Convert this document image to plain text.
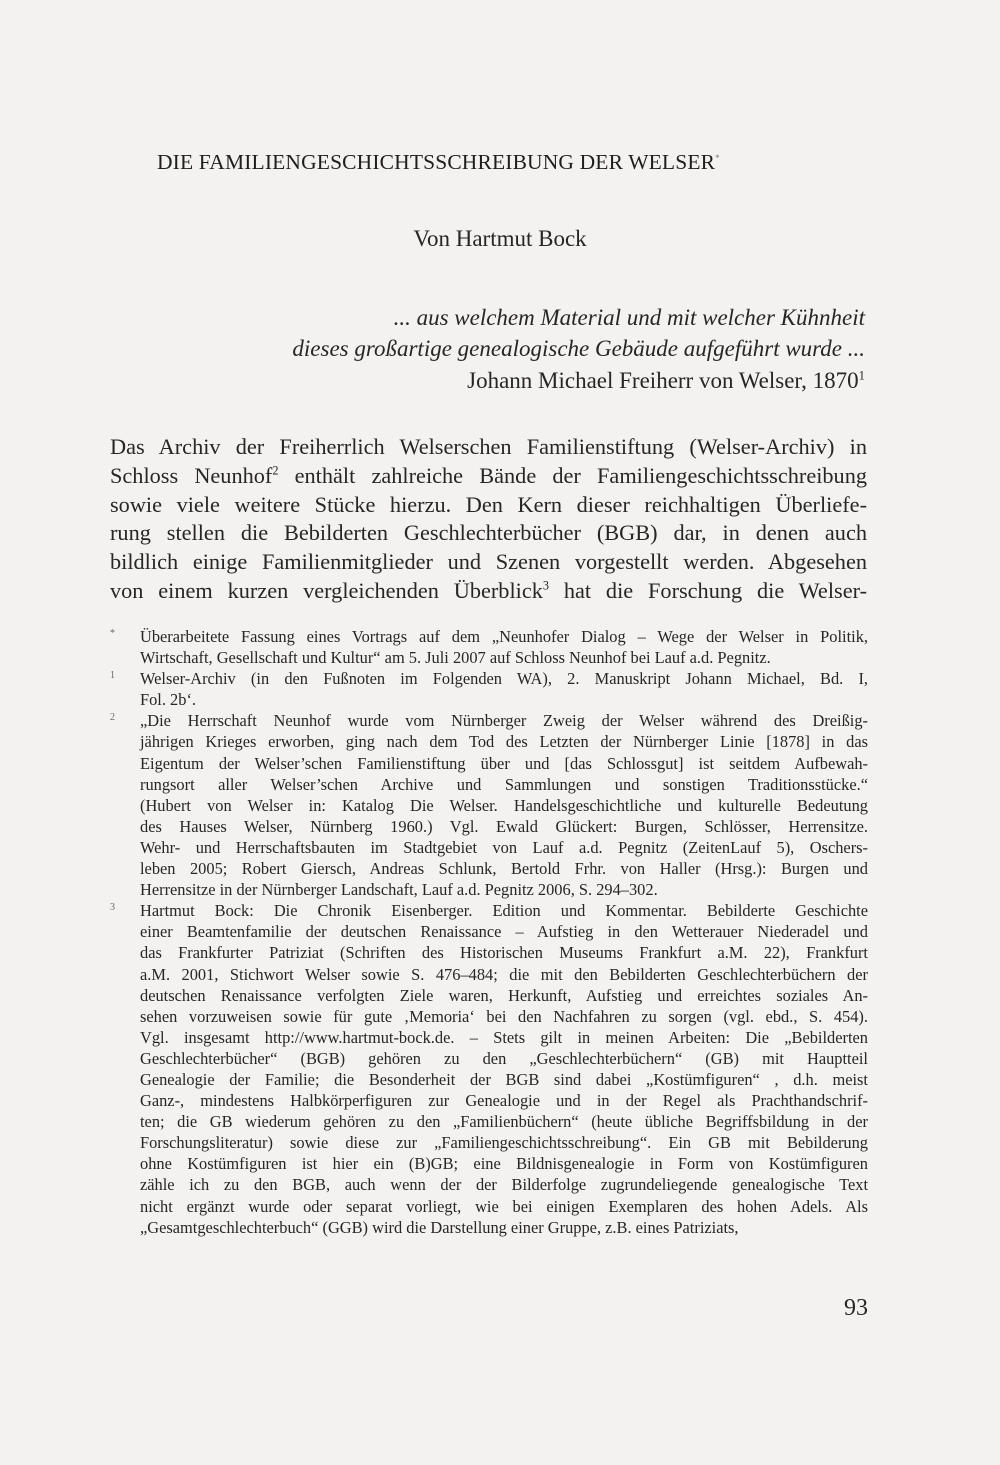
DIE FAMILIENGESCHICHTSSCHREIBUNG DER WELSER*
Von Hartmut Bock
... aus welchem Material und mit welcher Kühnheit
dieses großartige genealogische Gebäude aufgeführt wurde ...
Johann Michael Freiherr von Welser, 1870$^1$
Das Archiv der Freiherrlich Welserschen Familienstiftung (Welser-Archiv) in
Schloss Neunhof$^2$ enthält zahlreiche Bände der Familiengeschichtsschreibung
sowie viele weitere Stücke hierzu. Den Kern dieser reichhaltigen Überliefe-
rung stellen die Bebilderten Geschlechterbücher (BGB) dar, in denen auch
bildlich einige Familienmitglieder und Szenen vorgestellt werden. Abgesehen
von einem kurzen vergleichenden Überblick$^3$ hat die Forschung die Welser-
*	Überarbeitete Fassung eines Vortrags auf dem „Neunhofer Dialog – Wege der Welser in Politik,
Wirtschaft, Gesellschaft und Kultur“ am 5. Juli 2007 auf Schloss Neunhof bei Lauf a.d. Pegnitz.
1	Welser-Archiv (in den Fußnoten im Folgenden WA), 2. Manuskript Johann Michael, Bd. I,
Fol. 2b‘.
2	„Die Herrschaft Neunhof wurde vom Nürnberger Zweig der Welser während des Dreißig-
jährigen Krieges erworben, ging nach dem Tod des Letzten der Nürnberger Linie [1878] in das
Eigentum der Welser’schen Familienstiftung über und [das Schlossgut] ist seitdem Aufbewah-
rungsort aller Welser’schen Archive und Sammlungen und sonstigen Traditionsstücke.“
(Hubert von Welser in: Katalog Die Welser. Handelsgeschichtliche und kulturelle Bedeutung
des Hauses Welser, Nürnberg 1960.) Vgl. Ewald Glückert: Burgen, Schlösser, Herrensitze.
Wehr- und Herrschaftsbauten im Stadtgebiet von Lauf a.d. Pegnitz (ZeitenLauf 5), Oschers-
leben 2005; Robert Giersch, Andreas Schlunk, Bertold Frhr. von Haller (Hrsg.): Burgen und
Herrensitze in der Nürnberger Landschaft, Lauf a.d. Pegnitz 2006, S. 294–302.
3	Hartmut Bock: Die Chronik Eisenberger. Edition und Kommentar. Bebilderte Geschichte
einer Beamtenfamilie der deutschen Renaissance – Aufstieg in den Wetterauer Niederadel und
das Frankfurter Patriziat (Schriften des Historischen Museums Frankfurt a.M. 22), Frankfurt
a.M. 2001, Stichwort Welser sowie S. 476–484; die mit den Bebilderten Geschlechterbüchern der
deutschen Renaissance verfolgten Ziele waren, Herkunft, Aufstieg und erreichtes soziales An-
sehen vorzuweisen sowie für gute ‚Memoria‘ bei den Nachfahren zu sorgen (vgl. ebd., S. 454).
Vgl. insgesamt http://www.hartmut-bock.de. – Stets gilt in meinen Arbeiten: Die „Bebilderten
Geschlechterbücher“ (BGB) gehören zu den „Geschlechterbüchern“ (GB) mit Hauptteil
Genealogie der Familie; die Besonderheit der BGB sind dabei „Kostümfiguren“ , d.h. meist
Ganz-, mindestens Halbkörperfiguren zur Genealogie und in der Regel als Prachthandschrif-
ten; die GB wiederum gehören zu den „Familienbüchern“ (heute übliche Begriffsbildung in der
Forschungsliteratur) sowie diese zur „Familiengeschichtsschreibung“. Ein GB mit Bebilderung
ohne Kostümfiguren ist hier ein (B)GB; eine Bildnisgenealogie in Form von Kostümfiguren
zähle ich zu den BGB, auch wenn der der Bilderfolge zugrundeliegende genealogische Text
nicht ergänzt wurde oder separat vorliegt, wie bei einigen Exemplaren des hohen Adels. Als
„Gesamtgeschlechterbuch“ (GGB) wird die Darstellung einer Gruppe, z.B. eines Patriziats,
93
